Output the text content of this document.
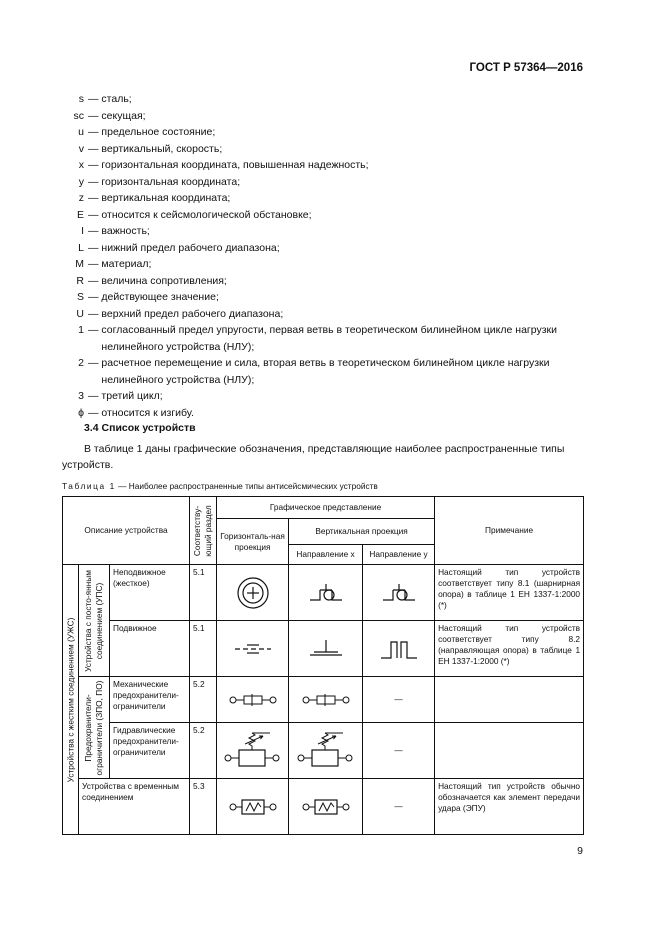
ГОСТ Р 57364—2016
s — сталь;
sc — секущая;
u — предельное состояние;
v — вертикальный, скорость;
x — горизонтальная координата, повышенная надежность;
y — горизонтальная координата;
z — вертикальная координата;
E — относится к сейсмологической обстановке;
I — важность;
L — нижний предел рабочего диапазона;
M — материал;
R — величина сопротивления;
S — действующее значение;
U — верхний предел рабочего диапазона;
1 — согласованный предел упругости, первая ветвь в теоретическом билинейном цикле нагрузки нелинейного устройства (НЛУ);
2 — расчетное перемещение и сила, вторая ветвь в теоретическом билинейном цикле нагрузки нелинейного устройства (НЛУ);
3 — третий цикл;
ϕ — относится к изгибу.
3.4 Список устройств
В таблице 1 даны графические обозначения, представляющие наиболее распространенные типы устройств.
Таблица 1 — Наиболее распространенные типы антисейсмических устройств
Описание устройства			Соответству-ющий раздел	Графическое представление			Примечание
				Горизонталь-ная проекция	Вертикальная проекция		
					Направление x	Направление y	

Устройства с жестким соединением (УЖС)	Устройства с посто-янным соединением (УПС)	Неподвижное (жесткое)	5.1				Настоящий тип устройств соответствует типу 8.1 (шарнирная опора) в таблице 1 ЕН 1337-1:2000 (*)
		Подвижное	5.1				Настоящий тип устройств соответствует типу 8.2 (направляющая опора) в таблице 1 ЕН 1337-1:2000 (*)

	Предохранители-ограничители (ЗПО, ПО)	Механические предохранители-ограничители	5.2			—	
		Гидравлические предохранители-ограничители	5.2			—	
	Устройства с временным соединением		5.3			—	Настоящий тип устройств обычно обозначается как элемент передачи удара (ЭПУ)
9
